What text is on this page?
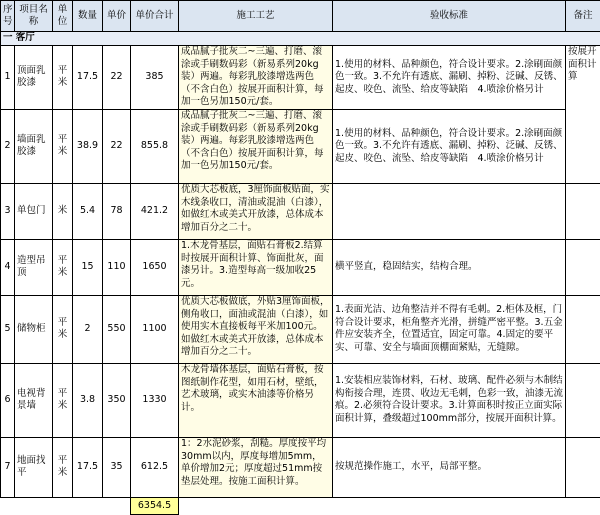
序号	项目名称	单位	数量	单价	单价合计	施工工艺	验收标准	备注
一 客厅								
1	顶面乳胶漆	平米	17.5	22	385	成品腻子批灰二~三遍、打磨、滚涂或手刷数码彩（新易系列20kg装）两遍。每彩乳胶漆增选两色（不含白色）按展开面积计算，每加一色另加150元/套。	1.使用的材料、品种颜色，符合设计要求。2.涂刷面颜色一致。3.不允许有透底、漏刷、掉粉、泛碱、反锈、起皮、咬色、流坠、给皮等缺陷　4.喷涂价格另计	按展开面积计算
2	墙面乳胶漆	平米	38.9	22	855.8	成品腻子批灰二~三遍、打磨、滚涂或手刷数码彩（新易系列20kg装）两遍。每彩乳胶漆增选两色（不含白色）按展开面积计算，每加一色另加150元/套。	1.使用的材料、品种颜色，符合设计要求。2.涂刷面颜色一致。3.不允许有透底、漏刷、掉粉、泛碱、反锈、起皮、咬色、流坠、给皮等缺陷　4.喷涂价格另计	
3	单包门	米	5.4	78	421.2	优质大芯板底，3厘饰面板贴面，实木线条收口，清油或混油（白漆），如做红木或美式开放漆，总体成本增加百分之二十。		
4	造型吊顶	平米	15	110	1650	1.木龙骨基层，面贴石膏板2.结算时按展开面积计算、饰面批灰，面漆另计。3.造型每高一级加收25元。	横平竖直，稳固结实，结构合理。	
5	储物柜	平米	2	550	1100	优质大芯板做底，外贴3厘饰面板，侧角收口，面油或混油（白漆），如使用实木直接板每平米加100元。如做红木或美式开放漆，总体成本增加百分之二十。	1.表面光洁、边角整洁并不得有毛刺。2.柜体及框，门符合设计要求，柜角整齐光滑，拼缝严密平整。3.五金件应安装齐全，位置适宜，固定可靠。4.固定的要平实、可靠、安全与墙面顶棚面紧贴，无缝隙。	
6	电视背景墙	平米	3.8	350	1330	木龙骨墙体基层，面贴石膏板，按图纸制作花型，如用石材，壁纸，艺术玻璃，或实木油漆等价格另计。	1.安装相应装饰材料，石材、玻璃、配件必须与木制结构衔接合理，连贯、收边无毛刺，色彩一致，油漆无流痕。2.必须符合设计要求。3.计算面积时按正立面实际面积计算，叠级超过100mm部分，按展开面积计算。	
7	地面找平	平米	17.5	35	612.5	1：2水泥砂浆，刮糙。厚度按平均30mm以内，厚度每增加5mm，单价增加2元；厚度超过51mm按垫层处理。按施工面积计算。	按规范操作施工，水平，局部平整。	
					6354.5			
